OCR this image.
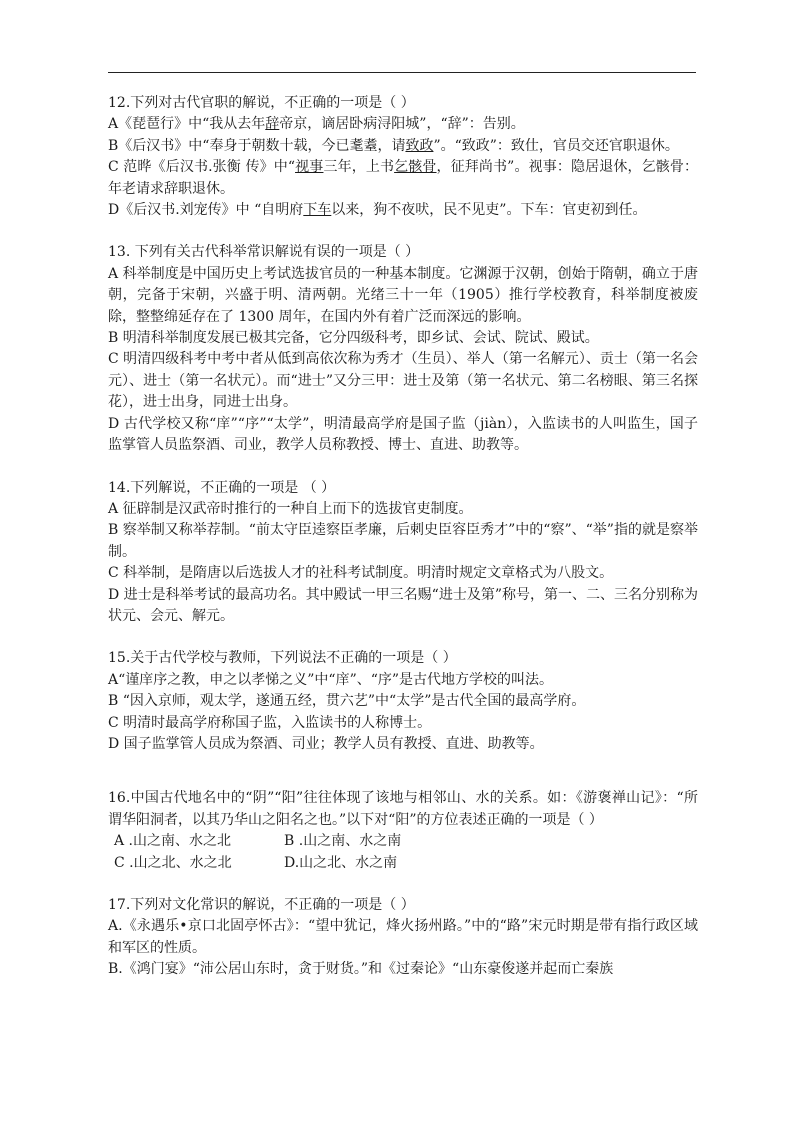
12.下列对古代官职的解说，不正确的一项是（ ）

A《琵琶行》中“我从去年辞帝京，谪居卧病浔阳城”，“辞”：告别。

B《后汉书》中“奉身于朝数十载，今已耄耋，请致政”。“致政”：致仕，官员交还官职退休。

C 范晔《后汉书.张衡 传》中“视事三年，上书乞骸骨，征拜尚书”。视事：隐居退休，乞骸骨：年老请求辞职退休。

D《后汉书.刘宠传》中 “自明府下车以来，狗不夜吠，民不见吏”。下车：官吏初到任。

13. 下列有关古代科举常识解说有误的一项是（ ）

A 科举制度是中国历史上考试选拔官员的一种基本制度。它渊源于汉朝，创始于隋朝，确立于唐朝，完备于宋朝，兴盛于明、清两朝。光绪三十一年（1905）推行学校教育，科举制度被废除，整整绵延存在了 1300 周年，在国内外有着广泛而深远的影响。

B 明清科举制度发展已极其完备，它分四级科考，即乡试、会试、院试、殿试。

C 明清四级科考中考中者从低到高依次称为秀才（生员）、举人（第一名解元）、贡士（第一名会元）、进士（第一名状元）。而“进士”又分三甲：进士及第（第一名状元、第二名榜眼、第三名探花），进士出身，同进士出身。

D 古代学校又称“庠”“序”“太学”，明清最高学府是国子监（jiàn），入监读书的人叫监生，国子监掌管人员监祭酒、司业，教学人员称教授、博士、直进、助教等。

14.下列解说，不正确的一项是 （ ）

A 征辟制是汉武帝时推行的一种自上而下的选拔官吏制度。

B 察举制又称举荐制。“前太守臣逵察臣孝廉，后刺史臣容臣秀才”中的“察”、“举”指的就是察举制。

C 科举制，是隋唐以后选拔人才的社科考试制度。明清时规定文章格式为八股文。

D 进士是科举考试的最高功名。其中殿试一甲三名赐“进士及第”称号，第一、二、三名分别称为状元、会元、解元。

15.关于古代学校与教师，下列说法不正确的一项是（ ）

A“谨庠序之教，申之以孝悌之义”中“庠”、“序”是古代地方学校的叫法。

B “因入京师，观太学，遂通五经，贯六艺”中“太学”是古代全国的最高学府。

C 明清时最高学府称国子监，入监读书的人称博士。

D 国子监掌管人员成为祭酒、司业；教学人员有教授、直进、助教等。

16.中国古代地名中的“阴”“阳”往往体现了该地与相邻山、水的关系。如：《游褒禅山记》：“所谓华阳洞者，以其乃华山之阳名之也。”以下对“阳”的方位表述正确的一项是（ ）

A .山之南、水之北	B .山之南、水之南
C .山之北、水之北	D.山之北、水之南

17.下列对文化常识的解说，不正确的一项是（ ）

A.《永遇乐•京口北固亭怀古》：“望中犹记，烽火扬州路。”中的“路”宋元时期是带有指行政区域和军区的性质。

B.《鸿门宴》“沛公居山东时，贪于财货。”和《过秦论》“山东豪俊遂并起而亡秦族
